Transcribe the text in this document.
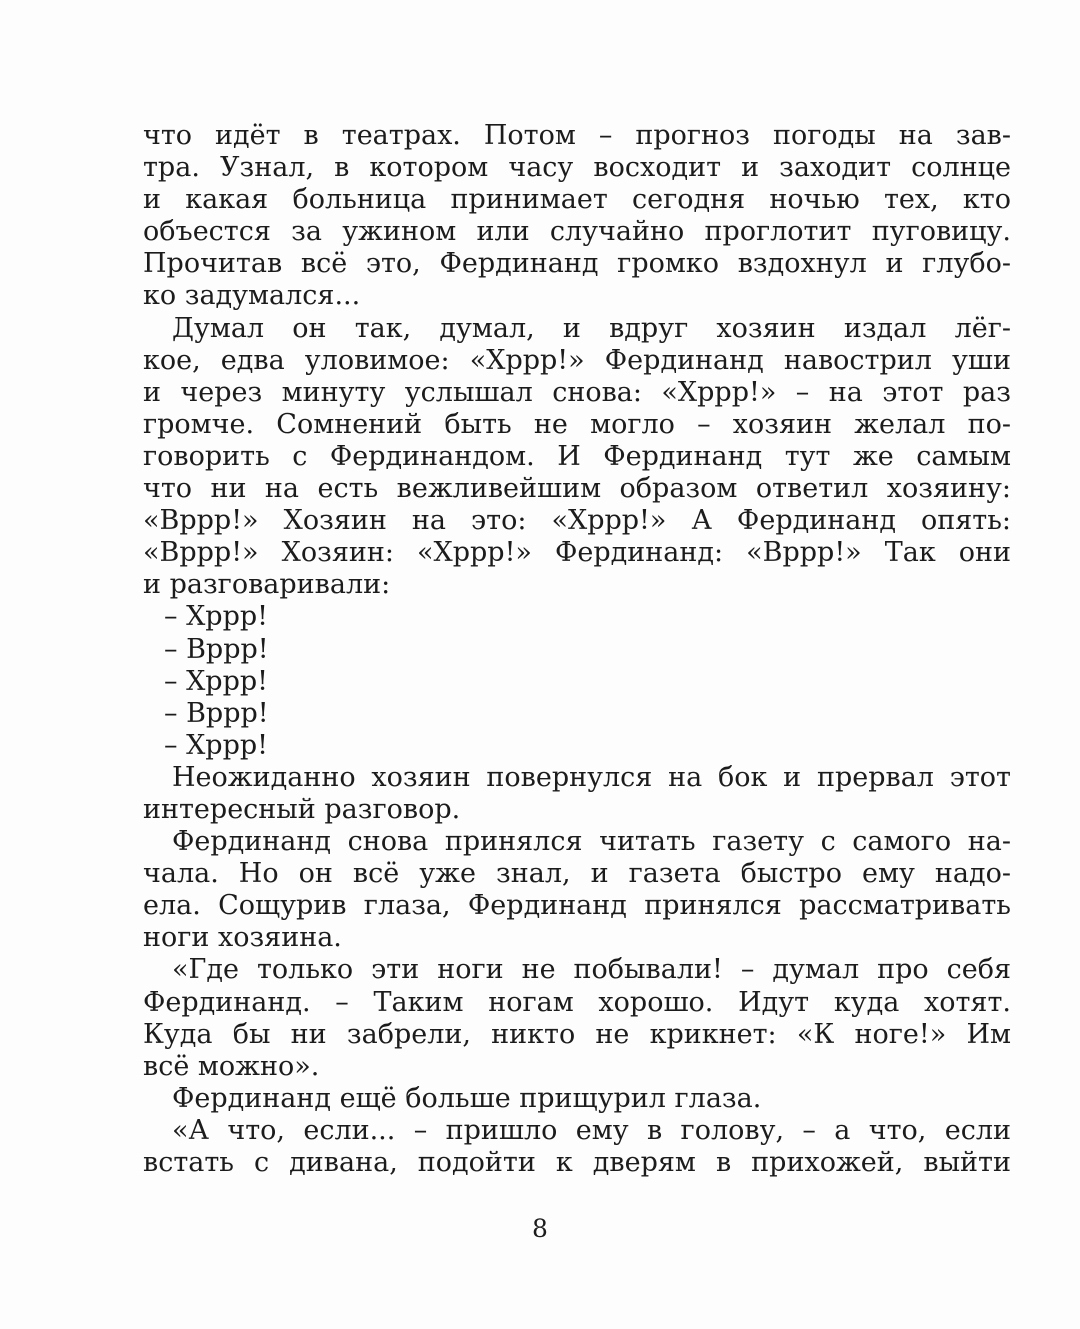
что идёт в театрах. Потом – прогноз погоды на зав-
тра. Узнал, в котором часу восходит и заходит солнце
и какая больница принимает сегодня ночью тех, кто
объестся за ужином или случайно проглотит пуговицу.
Прочитав всё это, Фердинанд громко вздохнул и глубо-
ко задумался...
Думал он так, думал, и вдруг хозяин издал лёг-
кое, едва уловимое: «Хррр!» Фердинанд навострил уши
и через минуту услышал снова: «Хррр!» – на этот раз
громче. Сомнений быть не могло – хозяин желал по-
говорить с Фердинандом. И Фердинанд тут же самым
что ни на есть вежливейшим образом ответил хозяину:
«Вррр!» Хозяин на это: «Хррр!» А Фердинанд опять:
«Вррр!» Хозяин: «Хррр!» Фердинанд: «Вррр!» Так они
и разговаривали:
– Хррр!
– Вррр!
– Хррр!
– Вррр!
– Хррр!
Неожиданно хозяин повернулся на бок и прервал этот
интересный разговор.
Фердинанд снова принялся читать газету с самого на-
чала. Но он всё уже знал, и газета быстро ему надо-
ела. Сощурив глаза, Фердинанд принялся рассматривать
ноги хозяина.
«Где только эти ноги не побывали! – думал про себя
Фердинанд. – Таким ногам хорошо. Идут куда хотят.
Куда бы ни забрели, никто не крикнет: «К ноге!» Им
всё можно».
Фердинанд ещё больше прищурил глаза.
«А что, если... – пришло ему в голову, – а что, если
встать с дивана, подойти к дверям в прихожей, выйти
8
